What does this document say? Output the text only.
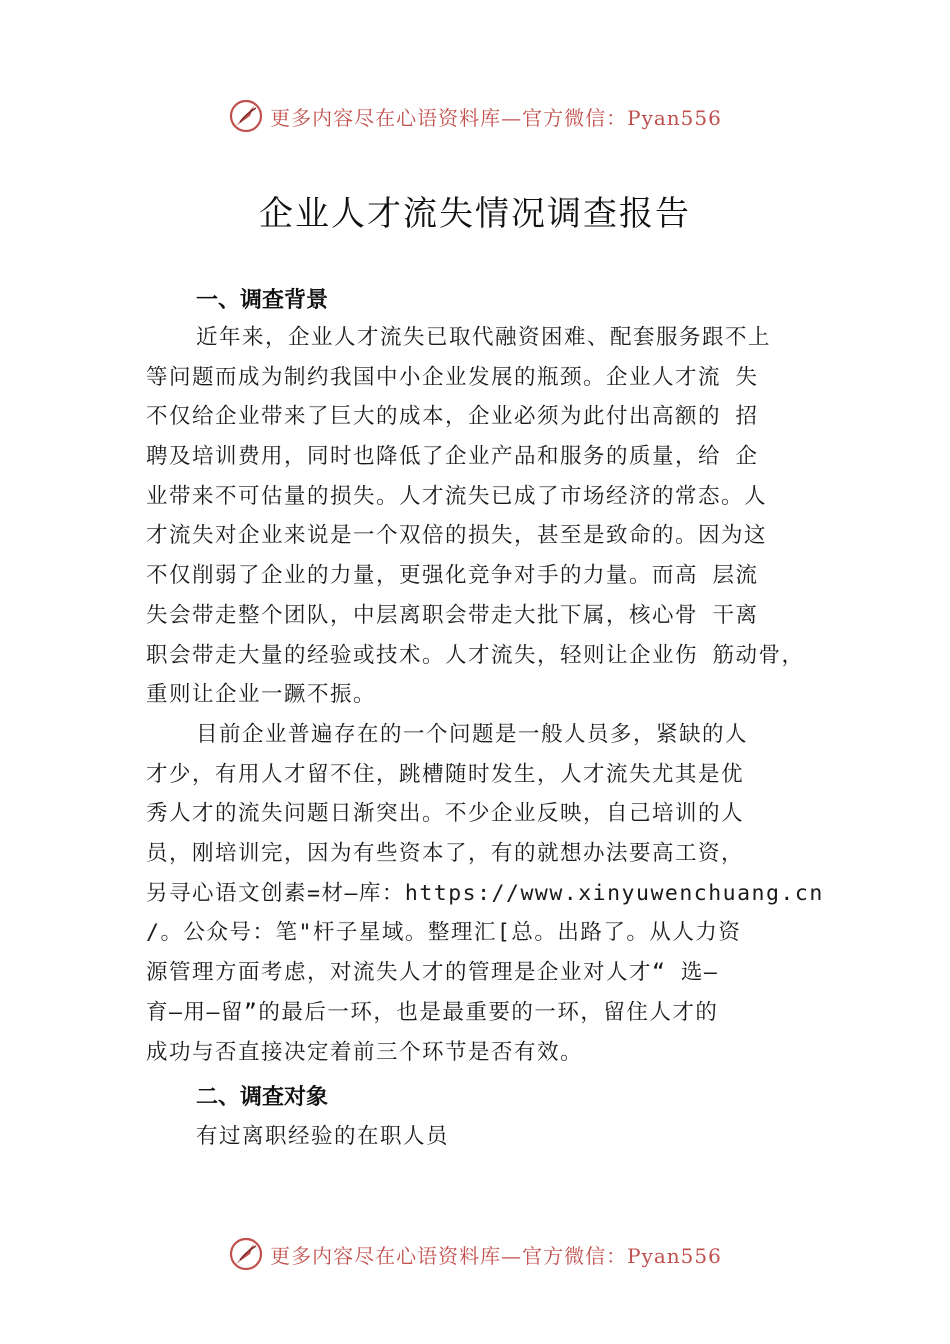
更多内容尽在心语资料库—官方微信：Pyan556
企业人才流失情况调查报告
一、调查背景
近年来，企业人才流失已取代融资困难、配套服务跟不上
等问题而成为制约我国中小企业发展的瓶颈。企业人才流 失
不仅给企业带来了巨大的成本，企业必须为此付出高额的 招
聘及培训费用，同时也降低了企业产品和服务的质量，给 企
业带来不可估量的损失。人才流失已成了市场经济的常态。人
才流失对企业来说是一个双倍的损失，甚至是致命的。因为这
不仅削弱了企业的力量，更强化竞争对手的力量。而高 层流
失会带走整个团队，中层离职会带走大批下属，核心骨 干离
职会带走大量的经验或技术。人才流失，轻则让企业伤 筋动骨，
重则让企业一蹶不振。
目前企业普遍存在的一个问题是一般人员多，紧缺的人
才少，有用人才留不住，跳槽随时发生，人才流失尤其是优
秀人才的流失问题日渐突出。不少企业反映，自己培训的人
员，刚培训完，因为有些资本了，有的就想办法要高工资，
另寻心语文创素=材—库：https://www.xinyuwenchuang.cn
/。公众号：笔"杆子星域。整理汇[总。出路了。从人力资
源管理方面考虑，对流失人才的管理是企业对人才“ 选—
育—用—留”的最后一环，也是最重要的一环，留住人才的
成功与否直接决定着前三个环节是否有效。
二、调查对象
有过离职经验的在职人员
更多内容尽在心语资料库—官方微信：Pyan556
